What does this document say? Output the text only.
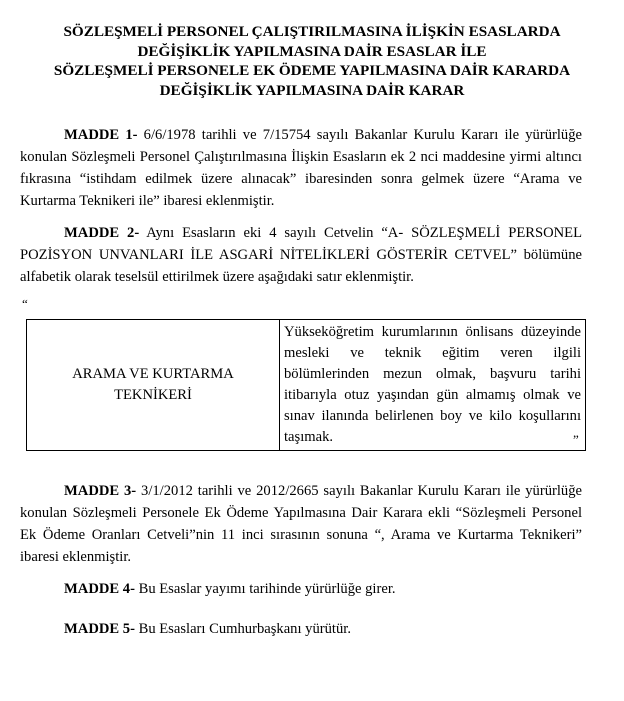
SÖZLEŞMELİ PERSONEL ÇALIŞTIRILMASINA İLİŞKİN ESASLARDA
DEĞİŞİKLİK YAPILMASINA DAİR ESASLAR İLE
SÖZLEŞMELİ PERSONELE EK ÖDEME YAPILMASINA DAİR KARARDA
DEĞİŞİKLİK YAPILMASINA DAİR KARAR

MADDE 1- 6/6/1978 tarihli ve 7/15754 sayılı Bakanlar Kurulu Kararı ile yürürlüğe konulan Sözleşmeli Personel Çalıştırılmasına İlişkin Esasların ek 2 nci maddesine yirmi altıncı fıkrasına “istihdam edilmek üzere alınacak” ibaresinden sonra gelmek üzere “Arama ve Kurtarma Teknikeri ile” ibaresi eklenmiştir.

MADDE 2- Aynı Esasların eki 4 sayılı Cetvelin “A- SÖZLEŞMELİ PERSONEL POZİSYON UNVANLARI İLE ASGARİ NİTELİKLERİ GÖSTERİR CETVEL” bölümüne alfabetik olarak teselsül ettirilmek üzere aşağıdaki satır eklenmiştir.

“
ARAMA VE KURTARMA
TEKNİKERİ

Yükseköğretim kurumlarının önlisans düzeyinde mesleki ve teknik eğitim veren ilgili bölümlerinden mezun olmak, başvuru tarihi itibarıyla otuz yaşından gün almamış olmak ve sınav ilanında belirlenen boy ve kilo koşullarını taşımak.	”

MADDE 3- 3/1/2012 tarihli ve 2012/2665 sayılı Bakanlar Kurulu Kararı ile yürürlüğe konulan Sözleşmeli Personele Ek Ödeme Yapılmasına Dair Karara ekli “Sözleşmeli Personel Ek Ödeme Oranları Cetveli”nin 11 inci sırasının sonuna “, Arama ve Kurtarma Teknikeri” ibaresi eklenmiştir.

MADDE 4- Bu Esaslar yayımı tarihinde yürürlüğe girer.

MADDE 5- Bu Esasları Cumhurbaşkanı yürütür.
